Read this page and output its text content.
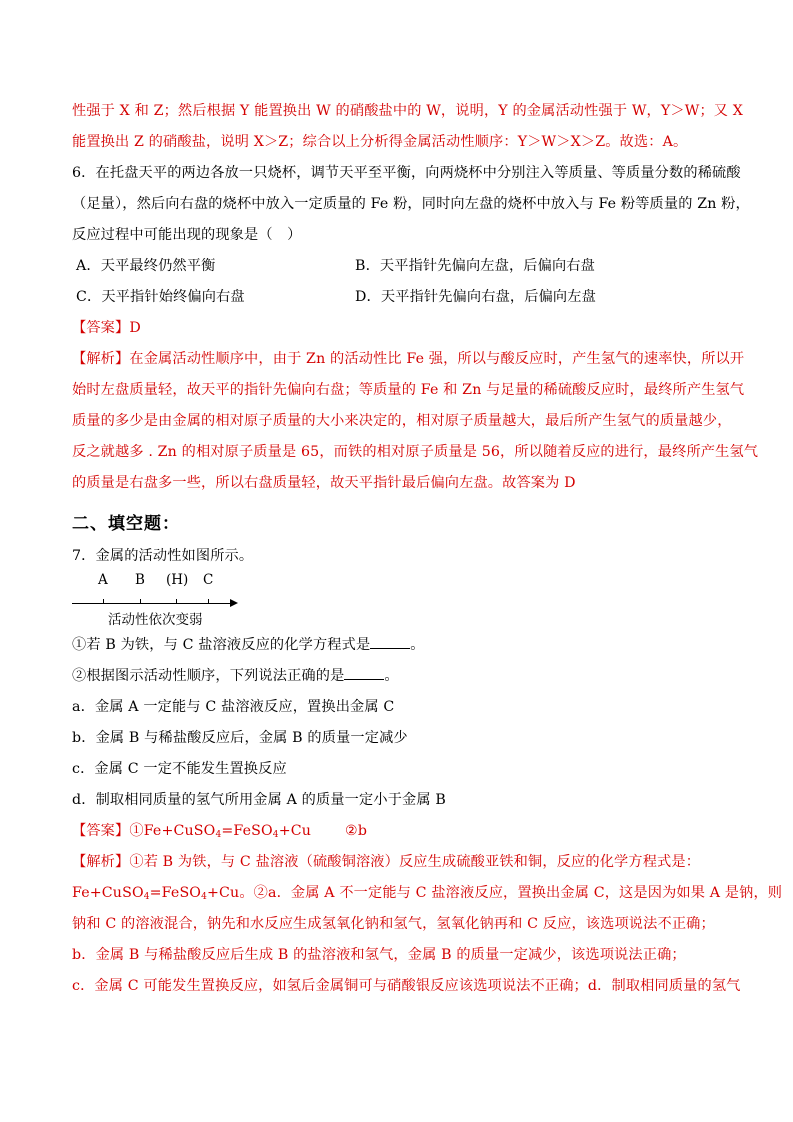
性强于 X 和 Z；然后根据 Y 能置换出 W 的硝酸盐中的 W，说明，Y 的金属活动性强于 W，Y＞W；又 X
能置换出 Z 的硝酸盐，说明 X＞Z；综合以上分析得金属活动性顺序：Y＞W＞X＞Z。故选：A。
6．在托盘天平的两边各放一只烧杯，调节天平至平衡，向两烧杯中分别注入等质量、等质量分数的稀硫酸
（足量），然后向右盘的烧杯中放入一定质量的 Fe 粉，同时向左盘的烧杯中放入与 Fe 粉等质量的 Zn 粉，
反应过程中可能出现的现象是（　）
A．天平最终仍然平衡	B．天平指针先偏向左盘，后偏向右盘
C．天平指针始终偏向右盘	D．天平指针先偏向右盘，后偏向左盘
【答案】D
【解析】在金属活动性顺序中，由于 Zn 的活动性比 Fe 强，所以与酸反应时，产生氢气的速率快，所以开
始时左盘质量轻，故天平的指针先偏向右盘；等质量的 Fe 和 Zn 与足量的稀硫酸反应时，最终所产生氢气
质量的多少是由金属的相对原子质量的大小来决定的，相对原子质量越大，最后所产生氢气的质量越少，
反之就越多 . Zn 的相对原子质量是 65，而铁的相对原子质量是 56，所以随着反应的进行，最终所产生氢气
的质量是右盘多一些，所以右盘质量轻，故天平指针最后偏向左盘。故答案为 D
二、填空题：
7．金属的活动性如图所示。
A B (H) C
活动性依次变弱
①若 B 为铁，与 C 盐溶液反应的化学方程式是	。
②根据图示活动性顺序，下列说法正确的是	。
a．金属 A 一定能与 C 盐溶液反应，置换出金属 C
b．金属 B 与稀盐酸反应后，金属 B 的质量一定减少
c．金属 C 一定不能发生置换反应
d．制取相同质量的氢气所用金属 A 的质量一定小于金属 B
【答案】①Fe+CuSO$_4$=FeSO$_4$+Cu ②b
【解析】①若 B 为铁，与 C 盐溶液（硫酸铜溶液）反应生成硫酸亚铁和铜，反应的化学方程式是：
Fe+CuSO$_4$=FeSO$_4$+Cu。②a．金属 A 不一定能与 C 盐溶液反应，置换出金属 C，这是因为如果 A 是钠，则
钠和 C 的溶液混合，钠先和水反应生成氢氧化钠和氢气，氢氧化钠再和 C 反应，该选项说法不正确；
b．金属 B 与稀盐酸反应后生成 B 的盐溶液和氢气，金属 B 的质量一定减少，该选项说法正确；
c．金属 C 可能发生置换反应，如氢后金属铜可与硝酸银反应该选项说法不正确；d．制取相同质量的氢气
